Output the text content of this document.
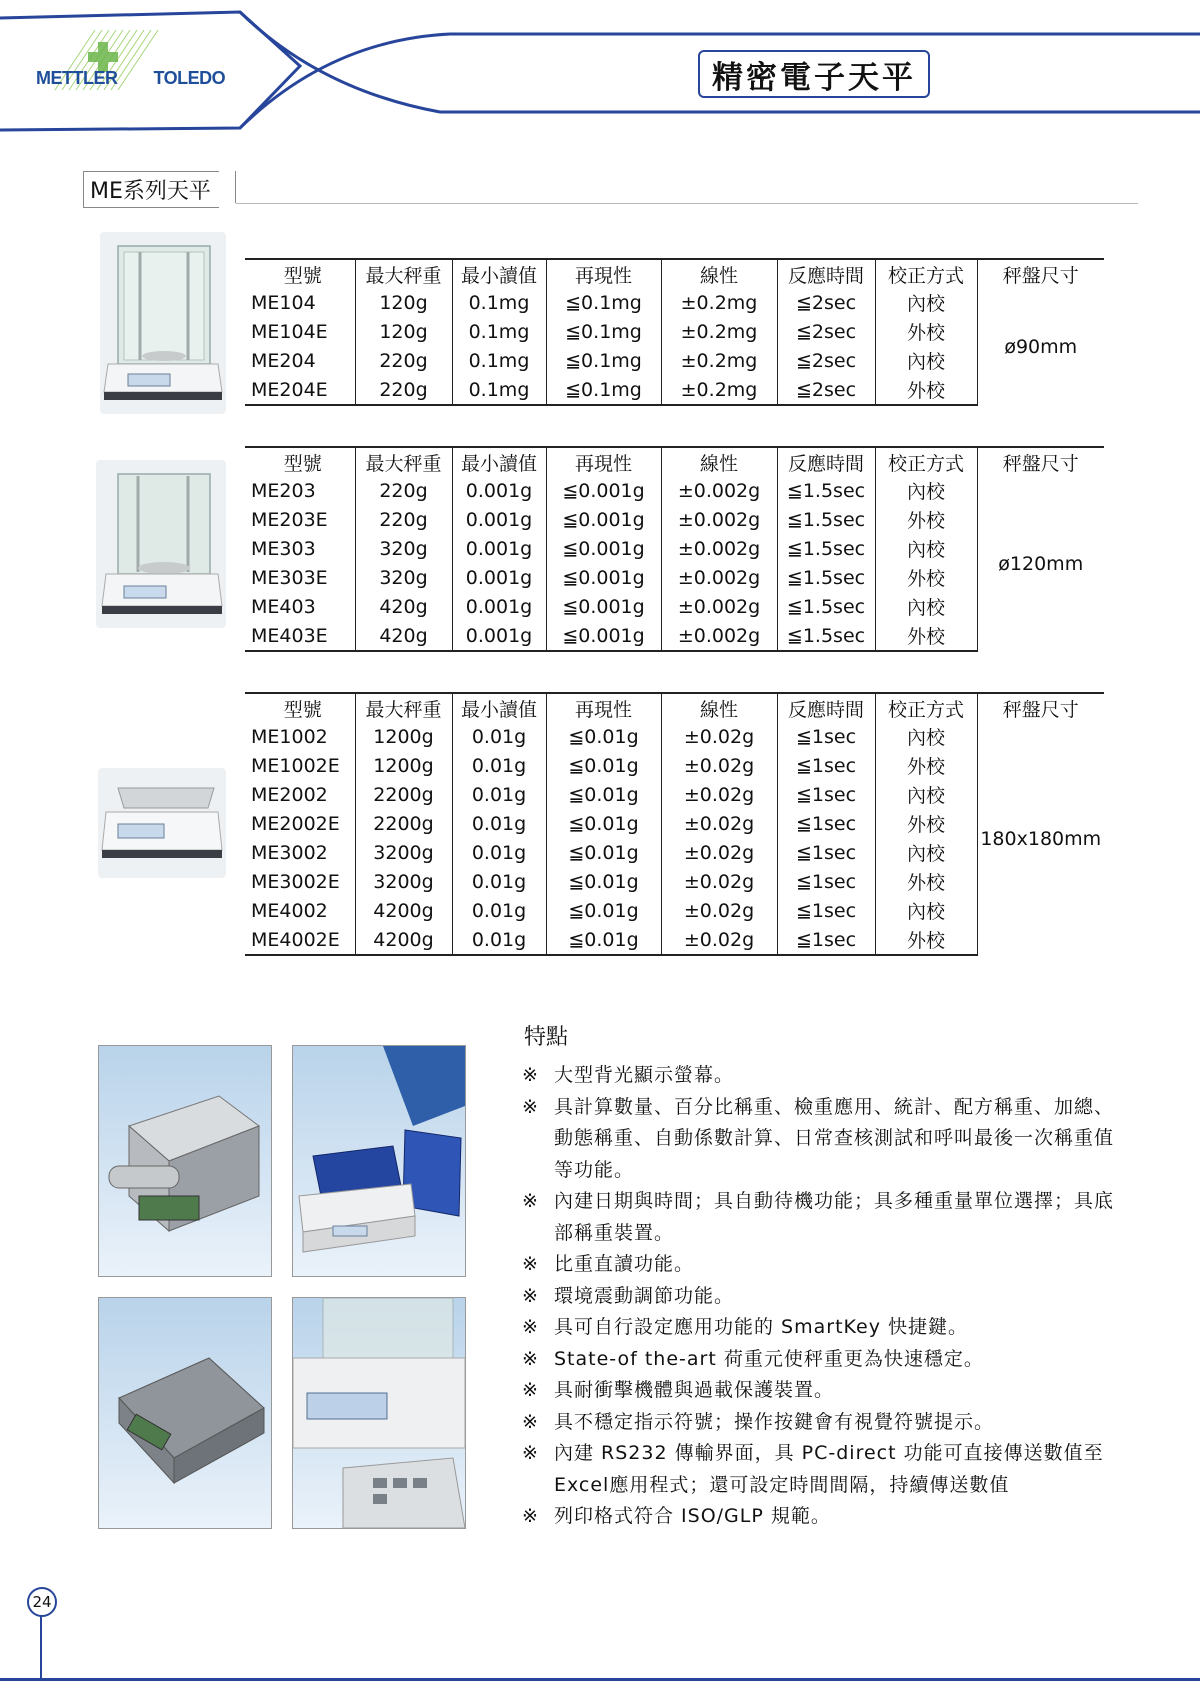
METTLER TOLEDO	精密電子天平
ME系列天平
型號	最大秤重	最小讀值	再現性	線性	反應時間	校正方式	秤盤尺寸
ME104	120g	0.1mg	≦0.1mg	±0.2mg	≦2sec	內校	ø90mm
ME104E	120g	0.1mg	≦0.1mg	±0.2mg	≦2sec	外校	
ME204	220g	0.1mg	≦0.1mg	±0.2mg	≦2sec	內校	
ME204E	220g	0.1mg	≦0.1mg	±0.2mg	≦2sec	外校	
型號	最大秤重	最小讀值	再現性	線性	反應時間	校正方式	秤盤尺寸
ME203	220g	0.001g	≦0.001g	±0.002g	≦1.5sec	內校	ø120mm
ME203E	220g	0.001g	≦0.001g	±0.002g	≦1.5sec	外校	
ME303	320g	0.001g	≦0.001g	±0.002g	≦1.5sec	內校	
ME303E	320g	0.001g	≦0.001g	±0.002g	≦1.5sec	外校	
ME403	420g	0.001g	≦0.001g	±0.002g	≦1.5sec	內校	
ME403E	420g	0.001g	≦0.001g	±0.002g	≦1.5sec	外校	
型號	最大秤重	最小讀值	再現性	線性	反應時間	校正方式	秤盤尺寸
ME1002	1200g	0.01g	≦0.01g	±0.02g	≦1sec	內校	180x180mm
ME1002E	1200g	0.01g	≦0.01g	±0.02g	≦1sec	外校	
ME2002	2200g	0.01g	≦0.01g	±0.02g	≦1sec	內校	
ME2002E	2200g	0.01g	≦0.01g	±0.02g	≦1sec	外校	
ME3002	3200g	0.01g	≦0.01g	±0.02g	≦1sec	內校	
ME3002E	3200g	0.01g	≦0.01g	±0.02g	≦1sec	外校	
ME4002	4200g	0.01g	≦0.01g	±0.02g	≦1sec	內校	
ME4002E	4200g	0.01g	≦0.01g	±0.02g	≦1sec	外校	
特點
※ 大型背光顯示螢幕。
※ 具計算數量、百分比稱重、檢重應用、統計、配方稱重、加總、動態稱重、自動係數計算、日常查核測試和呼叫最後一次稱重值等功能。
※ 內建日期與時間；具自動待機功能；具多種重量單位選擇；具底部稱重裝置。
※ 比重直讀功能。
※ 環境震動調節功能。
※ 具可自行設定應用功能的 SmartKey 快捷鍵。
※ State-of the-art 荷重元使秤重更為快速穩定。
※ 具耐衝擊機體與過載保護裝置。
※ 具不穩定指示符號；操作按鍵會有視覺符號提示。
※ 內建 RS232 傳輸界面，具 PC-direct 功能可直接傳送數值至 Excel應用程式；還可設定時間間隔，持續傳送數值
※ 列印格式符合 ISO/GLP 規範。
24
